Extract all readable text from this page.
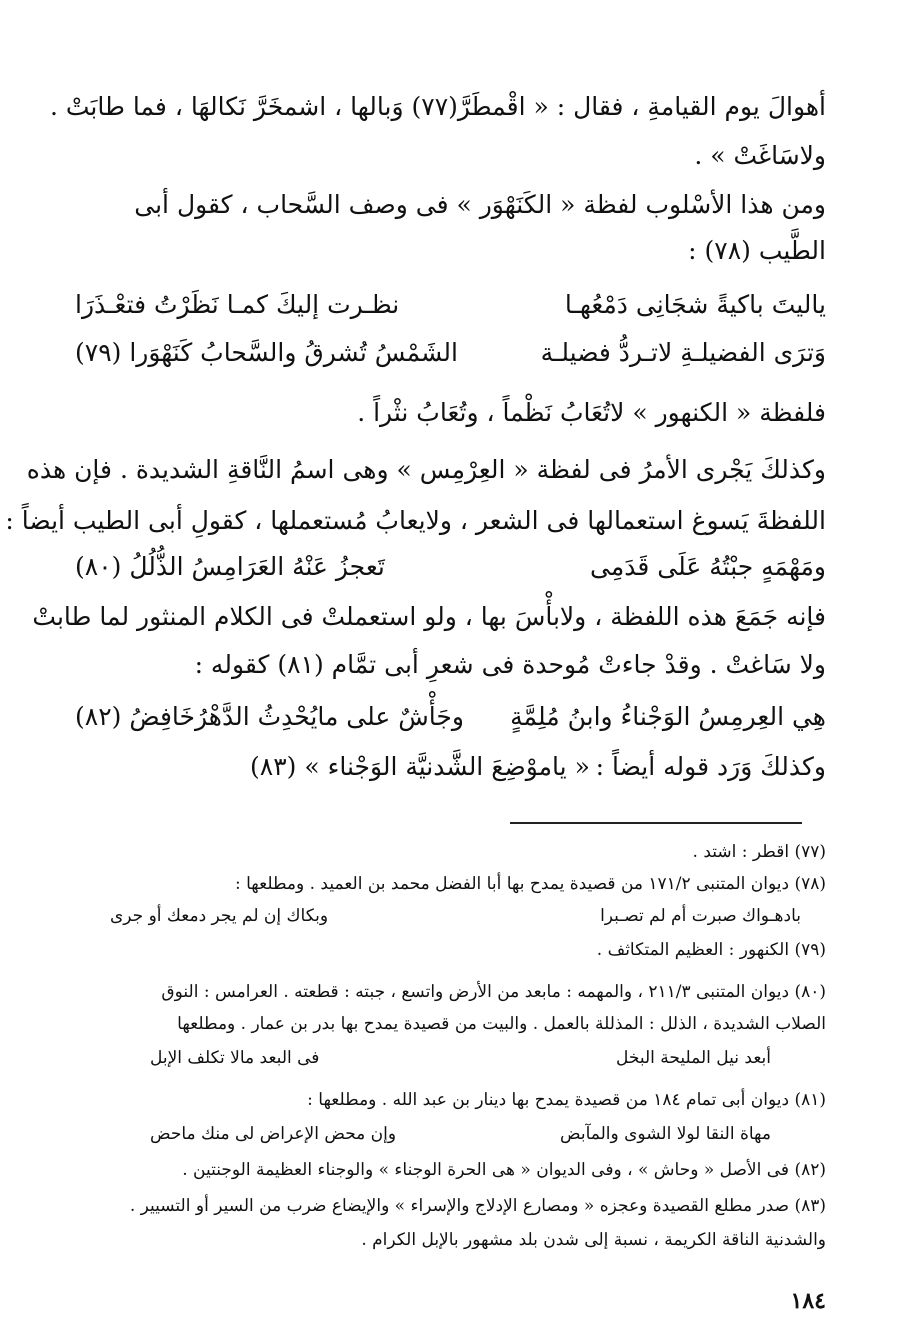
أهوالَ يوم القيامةِ ، فقال : « اقْمطَرَّ(٧٧) وَبالها ، اشمخَرَّ نَكالهَا ، فما طابَتْ .
ولاسَاغَتْ » .
ومن هذا الأسْلوب لفظة « الكَنَهْوَر » فى وصف السَّحاب ، كقول أبى
الطَّيب (٧٨) :
ياليتَ باكيةً شجَانِى دَمْعُهـا
نظـرت إليكَ كمـا نَظَرْتُ فتعْـذَرَا
وَترَى الفضيلـةِ لاتـردُّ فضيلـة
الشَمْسُ تُشرقُ والسَّحابُ كَنَهْوَرا (٧٩)
فلفظة « الكنهور » لاتُعَابُ نَظْماً ، وتُعَابُ نثْراً .
وكذلكَ يَجْرى الأمرُ فى لفظة « العِرْمِس » وهى اسمُ النَّاقةِ الشديدة . فإن هذه
اللفظةَ يَسوغ استعمالها فى الشعر ، ولايعابُ مُستعملها ، كقولِ أبى الطيب أيضاً :
ومَهْمَهٍ جبْتُهُ عَلَى قَدَمِى
تَعجزُ عَنْهُ العَرَامِسُ الذُّلُلُ (٨٠)
فإنه جَمَعَ هذه اللفظة ، ولابأْسَ بها ، ولو استعملتْ فى الكلام المنثور لما طابتْ
ولا سَاغتْ . وقدْ جاءتْ مُوحدة فى شعرِ أبى تمَّام (٨١) كقوله :
هِي العِرمِسُ الوَجْناءُ وابنُ مُلِمَّةٍ
وجَأْشٌ على مايُحْدِثُ الدَّهْرُخَافِضُ (٨٢)
وكذلكَ وَرَد قوله أيضاً :
« ياموْضِعَ الشَّدنيَّة الوَجْناء » (٨٣)
(٧٧) اقطر : اشتد .
(٧٨) ديوان المتنبى ١٧١/٢ من قصيدة يمدح بها أبا الفضل محمد بن العميد . ومطلعها :
بادهـواك صبرت أم لم تصـبرا
وبكاك إن لم يجر دمعك أو جرى
(٧٩) الكنهور : العظيم المتكاثف .
(٨٠) ديوان المتنبى ٢١١/٣ ، والمهمه : مابعد من الأرض واتسع ، جبته : قطعته . العرامس : النوق
الصلاب الشديدة ، الذلل : المذللة بالعمل . والبيت من قصيدة يمدح بها بدر بن عمار . ومطلعها
أبعد نيل المليحة البخل
فى البعد مالا تكلف الإبل
(٨١) ديوان أبى تمام ١٨٤ من قصيدة يمدح بها دينار بن عبد الله . ومطلعها :
مهاة النقا لولا الشوى والمآبض
وإن محض الإعراض لى منك ماحض
(٨٢) فى الأصل « وحاش » ، وفى الديوان « هى الحرة الوجناء » والوجناء العظيمة الوجنتين .
(٨٣) صدر مطلع القصيدة وعجزه « ومصارع الإدلاج والإسراء » والإيضاع ضرب من السير أو التسيير .
والشدنية الناقة الكريمة ، نسبة إلى شدن بلد مشهور بالإبل الكرام .
١٨٤
